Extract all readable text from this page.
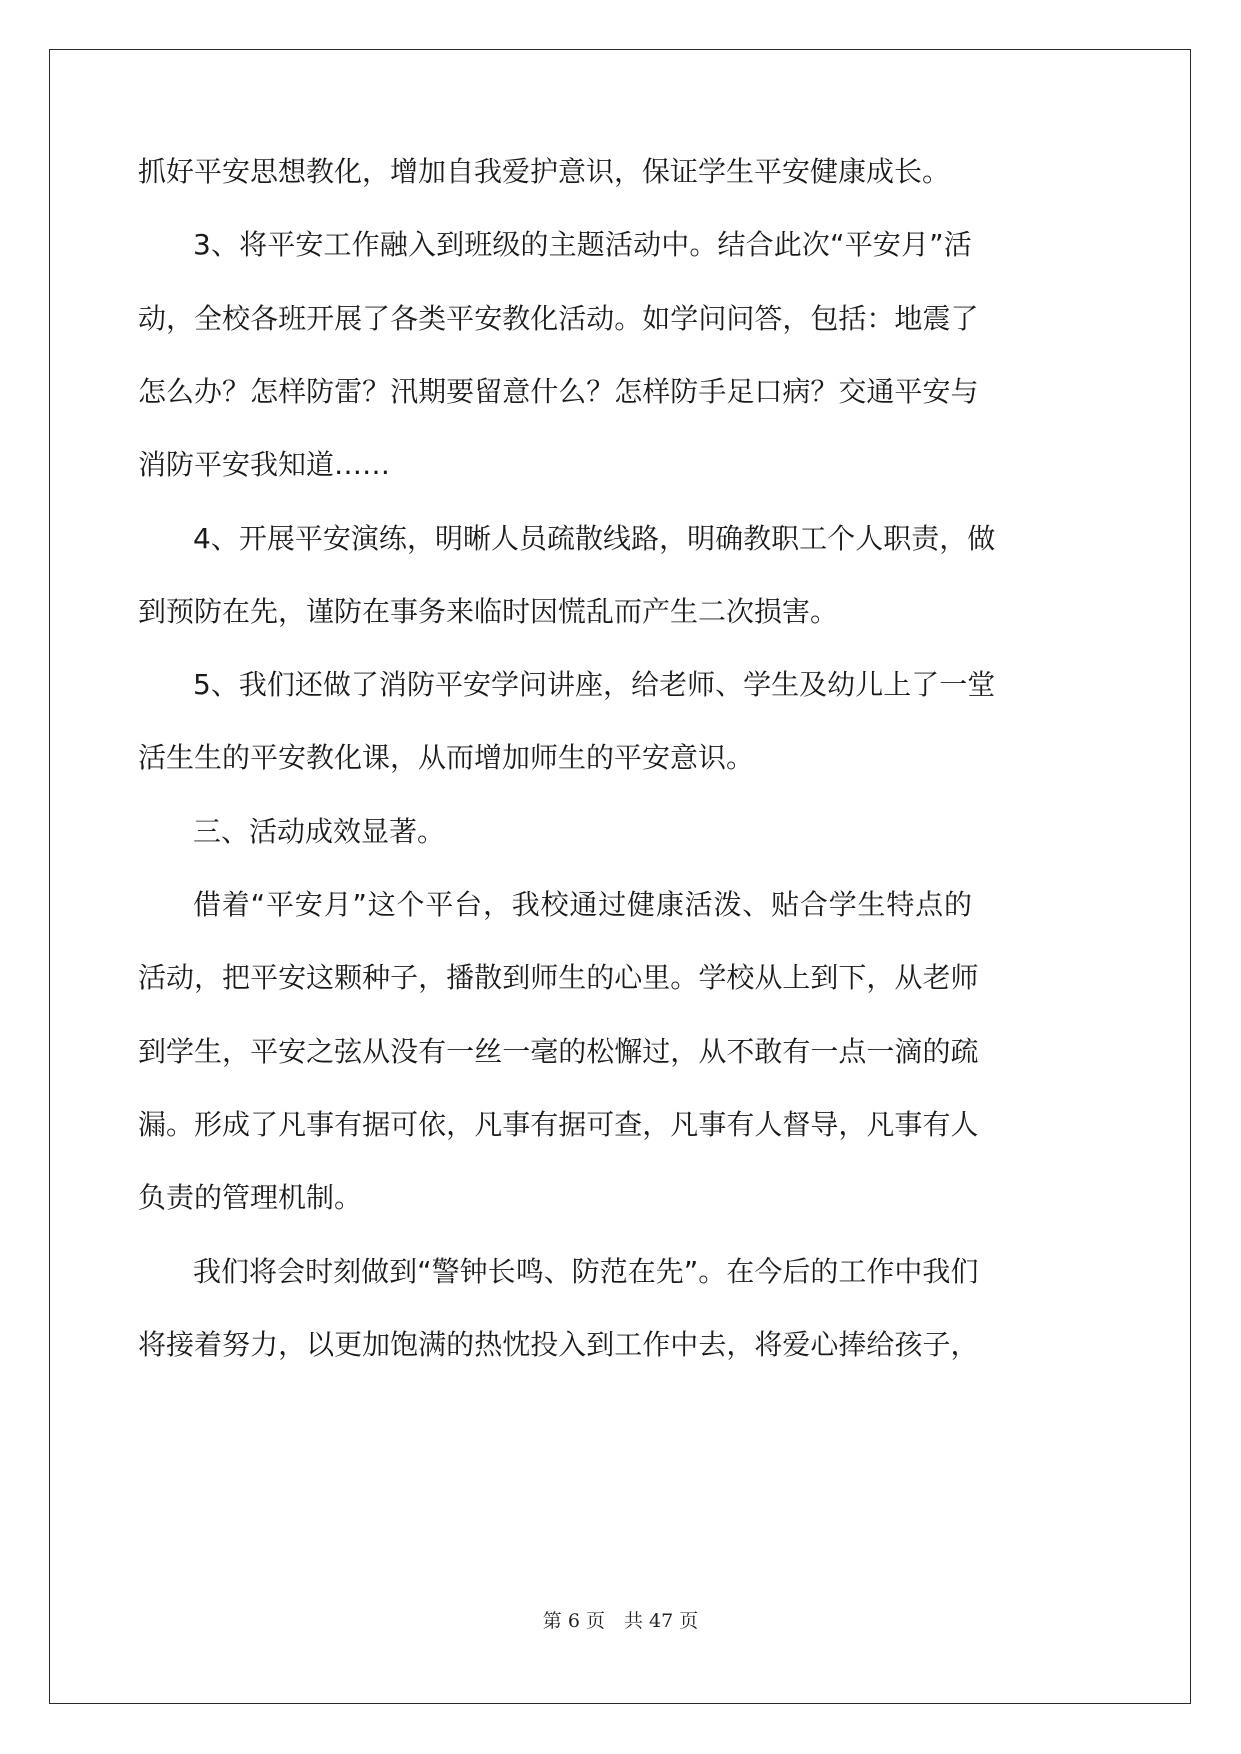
抓好平安思想教化，增加自我爱护意识，保证学生平安健康成长。
3 、 将 平 安 工 作 融 入 到 班 级 的 主 题 活 动 中 。 结 合 此 次 “ 平 安 月 ” 活
动 ， 全 校 各 班 开 展 了 各 类 平 安 教 化 活 动 。 如 学 问 问 答 ， 包 括 ： 地 震 了
怎 么 办 ？ 怎 样 防 雷 ？ 汛 期 要 留 意 什 么 ？ 怎 样 防 手 足 口 病 ？ 交 通 平 安 与
消防平安我知道……
4 、 开 展 平 安 演 练 ， 明 晰 人 员 疏 散 线 路 ， 明 确 教 职 工 个 人 职 责 ， 做
到预防在先，谨防在事务来临时因慌乱而产生二次损害。
5 、 我 们 还 做 了 消 防 平 安 学 问 讲 座 ， 给 老 师 、 学 生 及 幼 儿 上 了 一 堂
活生生的平安教化课，从而增加师生的平安意识。
三、活动成效显著。
借 着 “ 平 安 月 ” 这 个 平 台 ， 我 校 通 过 健 康 活 泼 、 贴 合 学 生 特 点 的
活 动 ， 把 平 安 这 颗 种 子 ， 播 散 到 师 生 的 心 里 。 学 校 从 上 到 下 ， 从 老 师
到 学 生 ， 平 安 之 弦 从 没 有 一 丝 一 毫 的 松 懈 过 ， 从 不 敢 有 一 点 一 滴 的 疏
漏 。 形 成 了 凡 事 有 据 可 依 ， 凡 事 有 据 可 查 ， 凡 事 有 人 督 导 ， 凡 事 有 人
负责的管理机制。
我 们 将 会 时 刻 做 到 “ 警 钟 长 鸣 、 防 范 在 先 ” 。 在 今 后 的 工 作 中 我 们
将 接 着 努 力 ， 以 更 加 饱 满 的 热 忱 投 入 到 工 作 中 去 ， 将 爱 心 捧 给 孩 子 ，
第 6 页　共 47 页
